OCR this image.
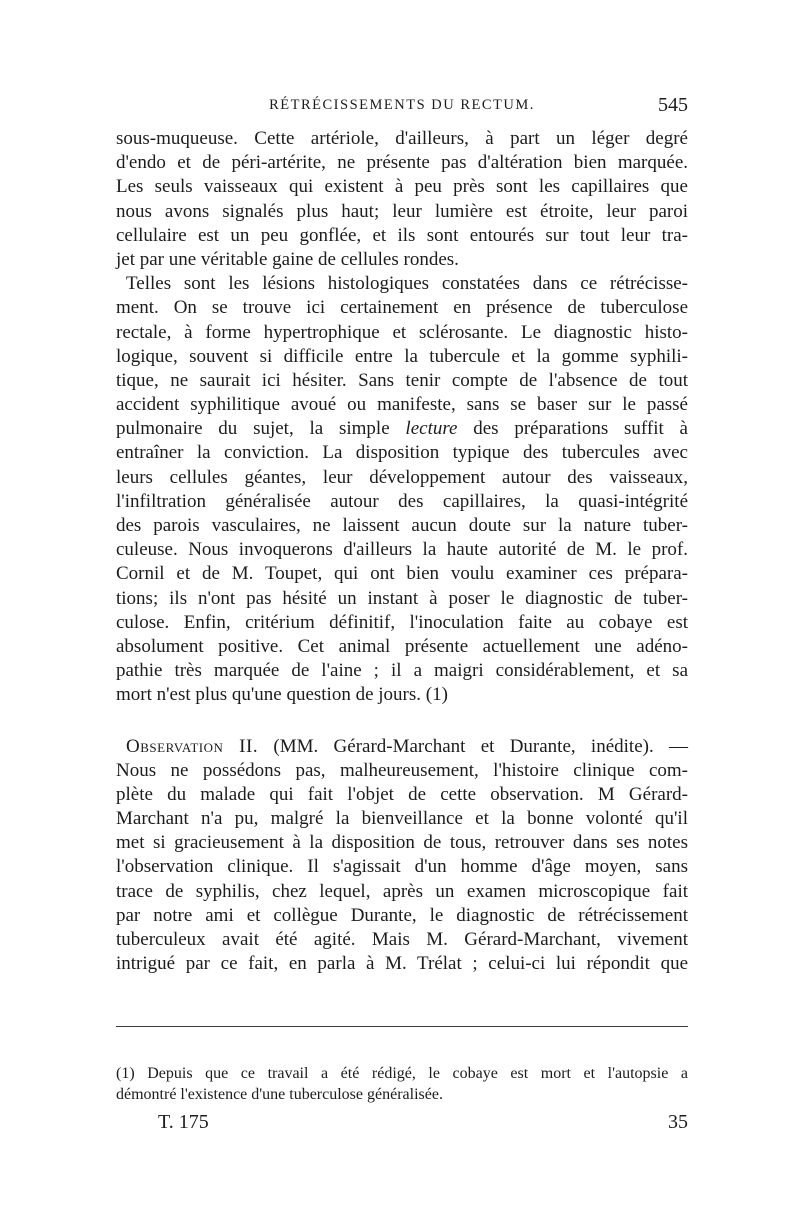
RÉTRÉCISSEMENTS DU RECTUM.	545
sous-muqueuse. Cette artériole, d'ailleurs, à part un léger degré
d'endo et de péri-artérite, ne présente pas d'altération bien marquée.
Les seuls vaisseaux qui existent à peu près sont les capillaires que
nous avons signalés plus haut; leur lumière est étroite, leur paroi
cellulaire est un peu gonflée, et ils sont entourés sur tout leur tra-
jet par une véritable gaine de cellules rondes.
Telles sont les lésions histologiques constatées dans ce rétrécisse-
ment. On se trouve ici certainement en présence de tuberculose
rectale, à forme hypertrophique et sclérosante. Le diagnostic histo-
logique, souvent si difficile entre la tubercule et la gomme syphili-
tique, ne saurait ici hésiter. Sans tenir compte de l'absence de tout
accident syphilitique avoué ou manifeste, sans se baser sur le passé
pulmonaire du sujet, la simple lecture des préparations suffit à
entraîner la conviction. La disposition typique des tubercules avec
leurs cellules géantes, leur développement autour des vaisseaux,
l'infiltration généralisée autour des capillaires, la quasi-intégrité
des parois vasculaires, ne laissent aucun doute sur la nature tuber-
culeuse. Nous invoquerons d'ailleurs la haute autorité de M. le prof.
Cornil et de M. Toupet, qui ont bien voulu examiner ces prépara-
tions; ils n'ont pas hésité un instant à poser le diagnostic de tuber-
culose. Enfin, critérium définitif, l'inoculation faite au cobaye est
absolument positive. Cet animal présente actuellement une adéno-
pathie très marquée de l'aine ; il a maigri considérablement, et sa
mort n'est plus qu'une question de jours. (1)
Observation II. (MM. Gérard-Marchant et Durante, inédite). —
Nous ne possédons pas, malheureusement, l'histoire clinique com-
plète du malade qui fait l'objet de cette observation. M Gérard-
Marchant n'a pu, malgré la bienveillance et la bonne volonté qu'il
met si gracieusement à la disposition de tous, retrouver dans ses notes
l'observation clinique. Il s'agissait d'un homme d'âge moyen, sans
trace de syphilis, chez lequel, après un examen microscopique fait
par notre ami et collègue Durante, le diagnostic de rétrécissement
tuberculeux avait été agité. Mais M. Gérard-Marchant, vivement
intrigué par ce fait, en parla à M. Trélat ; celui-ci lui répondit que
(1) Depuis que ce travail a été rédigé, le cobaye est mort et l'autopsie a
démontré l'existence d'une tuberculose généralisée.
T. 175	35
